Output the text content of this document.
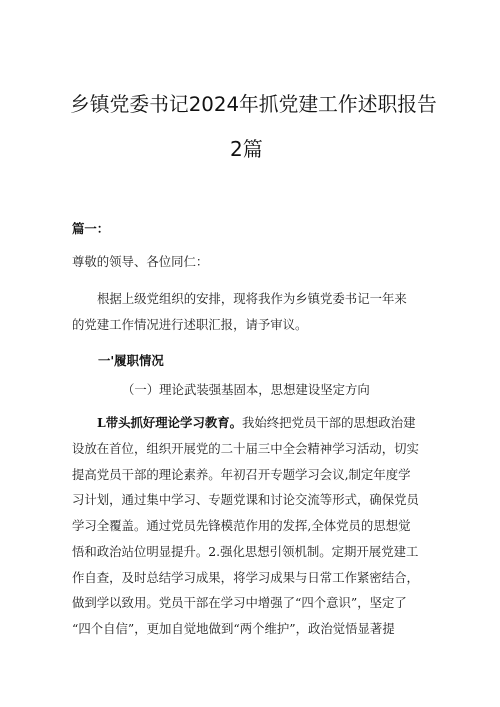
乡镇党委书记2024年抓党建工作述职报告
2篇
篇一：
尊敬的领导、各位同仁：
根据上级党组织的安排，现将我作为乡镇党委书记一年来
的党建工作情况进行述职汇报，请予审议。
一'履职情况
（一）理论武装强基固本，思想建设坚定方向
L带头抓好理论学习教育。我始终把党员干部的思想政治建
设放在首位，组织开展党的二十届三中全会精神学习活动，切实
提高党员干部的理论素养。年初召开专题学习会议,制定年度学
习计划，通过集中学习、专题党课和讨论交流等形式，确保党员
学习全覆盖。通过党员先锋模范作用的发挥,全体党员的思想觉
悟和政治站位明显提升。2.强化思想引领机制。定期开展党建工
作自查，及时总结学习成果，将学习成果与日常工作紧密结合，
做到学以致用。党员干部在学习中增强了“四个意识”，坚定了
“四个自信”，更加自觉地做到“两个维护”，政治觉悟显著提
